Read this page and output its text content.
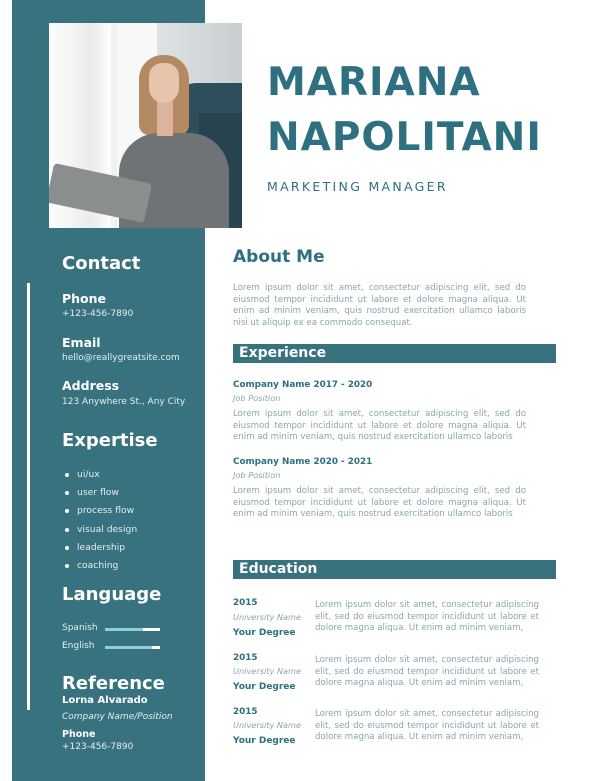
MARIANA
NAPOLITANI
MARKETING MANAGER
Contact
Phone
+123-456-7890
Email
hello@reallygreatsite.com
Address
123 Anywhere St., Any City
Expertise
ui/ux
user flow
process flow
visual design
leadership
coaching
Language
Spanish
English
Reference
Lorna Alvarado
Company Name/Position
Phone
+123-456-7890
About Me
Lorem ipsum dolor sit amet, consectetur adipiscing elit, sed do eiusmod tempor incididunt ut labore et dolore magna aliqua. Ut enim ad minim veniam, quis nostrud exercitation ullamco laboris nisi ut aliquip ex ea commodo consequat.
Experience
Company Name 2017 - 2020
Job Position
Lorem ipsum dolor sit amet, consectetur adipiscing elit, sed do eiusmod tempor incididunt ut labore et dolore magna aliqua. Ut enim ad minim veniam, quis nostrud exercitation ullamco laboris
Company Name 2020 - 2021
Job Position
Lorem ipsum dolor sit amet, consectetur adipiscing elit, sed do eiusmod tempor incididunt ut labore et dolore magna aliqua. Ut enim ad minim veniam, quis nostrud exercitation ullamco laboris
Education
2015
University Name
Your Degree
Lorem ipsum dolor sit amet, consectetur adipiscing elit, sed do eiusmod tempor incididunt ut labore et dolore magna aliqua. Ut enim ad minim veniam,
2015
University Name
Your Degree
Lorem ipsum dolor sit amet, consectetur adipiscing elit, sed do eiusmod tempor incididunt ut labore et dolore magna aliqua. Ut enim ad minim veniam,
2015
University Name
Your Degree
Lorem ipsum dolor sit amet, consectetur adipiscing elit, sed do eiusmod tempor incididunt ut labore et dolore magna aliqua. Ut enim ad minim veniam,
